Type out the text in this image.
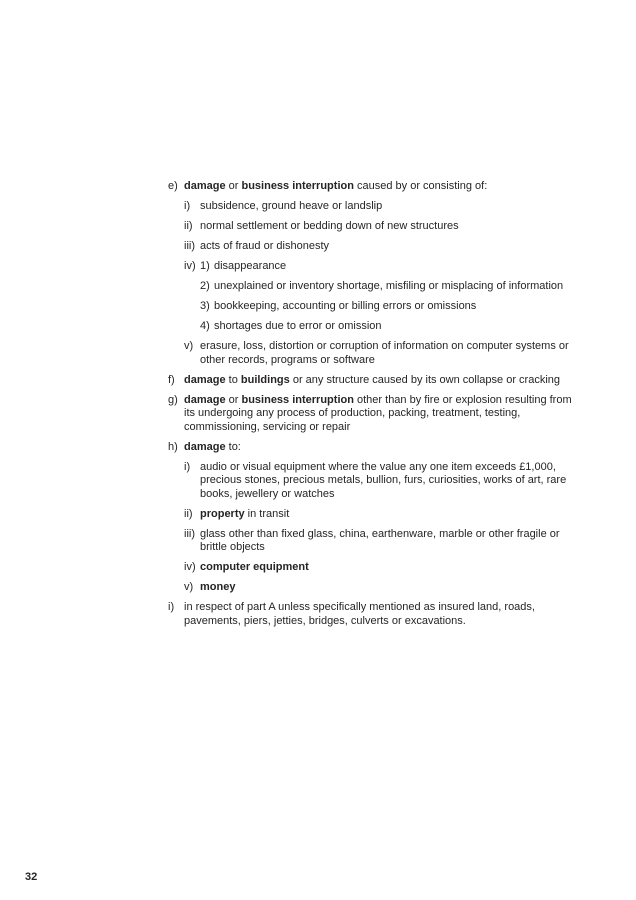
e) damage or business interruption caused by or consisting of:
i) subsidence, ground heave or landslip
ii) normal settlement or bedding down of new structures
iii) acts of fraud or dishonesty
iv) 1) disappearance
2) unexplained or inventory shortage, misfiling or misplacing of information
3) bookkeeping, accounting or billing errors or omissions
4) shortages due to error or omission
v) erasure, loss, distortion or corruption of information on computer systems or other records, programs or software
f) damage to buildings or any structure caused by its own collapse or cracking
g) damage or business interruption other than by fire or explosion resulting from its undergoing any process of production, packing, treatment, testing, commissioning, servicing or repair
h) damage to:
i) audio or visual equipment where the value any one item exceeds £1,000, precious stones, precious metals, bullion, furs, curiosities, works of art, rare books, jewellery or watches
ii) property in transit
iii) glass other than fixed glass, china, earthenware, marble or other fragile or brittle objects
iv) computer equipment
v) money
i) in respect of part A unless specifically mentioned as insured land, roads, pavements, piers, jetties, bridges, culverts or excavations.
32
